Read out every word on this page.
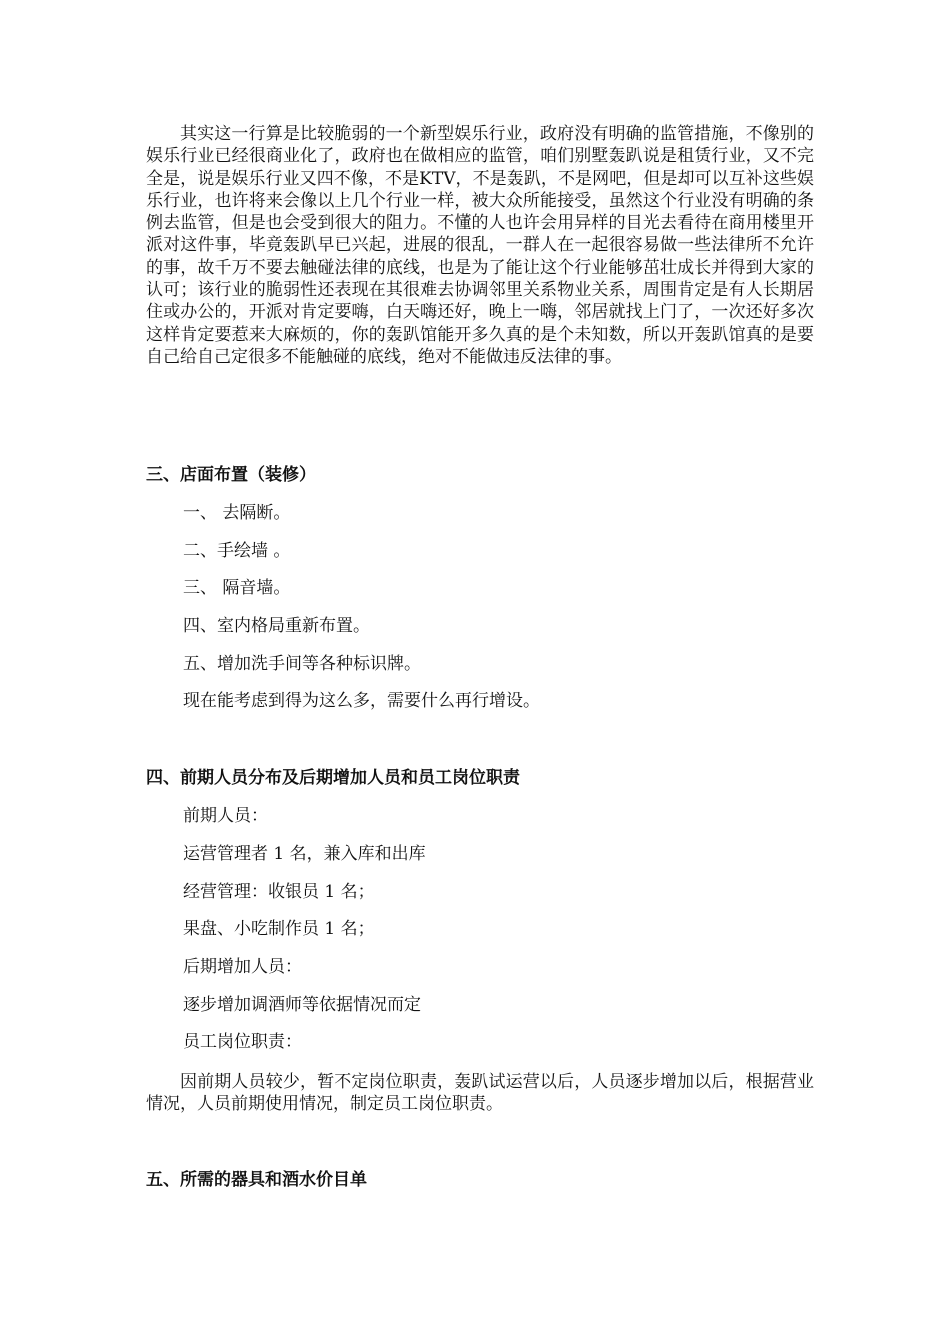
其实这一行算是比较脆弱的一个新型娱乐行业，政府没有明确的监管措施，不像别的娱乐行业已经很商业化了，政府也在做相应的监管，咱们别墅轰趴说是租赁行业，又不完全是，说是娱乐行业又四不像，不是KTV，不是轰趴，不是网吧，但是却可以互补这些娱乐行业，也许将来会像以上几个行业一样，被大众所能接受，虽然这个行业没有明确的条例去监管，但是也会受到很大的阻力。不懂的人也许会用异样的目光去看待在商用楼里开派对这件事，毕竟轰趴早已兴起，进展的很乱，一群人在一起很容易做一些法律所不允许的事，故千万不要去触碰法律的底线，也是为了能让这个行业能够茁壮成长并得到大家的认可；该行业的脆弱性还表现在其很难去协调邻里关系物业关系，周围肯定是有人长期居住或办公的，开派对肯定要嗨，白天嗨还好，晚上一嗨，邻居就找上门了，一次还好多次这样肯定要惹来大麻烦的，你的轰趴馆能开多久真的是个未知数，所以开轰趴馆真的是要自己给自己定很多不能触碰的底线，绝对不能做违反法律的事。

三、店面布置（装修）

一、 去隔断。

二、手绘墙 。

三、 隔音墙。

四、室内格局重新布置。

五、增加洗手间等各种标识牌。

现在能考虑到得为这么多，需要什么再行增设。

四、前期人员分布及后期增加人员和员工岗位职责

前期人员：

运营管理者 1 名，兼入库和出库

经营管理：收银员 1 名；

果盘、小吃制作员 1 名；

后期增加人员：

逐步增加调酒师等依据情况而定

员工岗位职责：

因前期人员较少，暂不定岗位职责，轰趴试运营以后，人员逐步增加以后，根据营业情况，人员前期使用情况，制定员工岗位职责。

五、所需的器具和酒水价目单
